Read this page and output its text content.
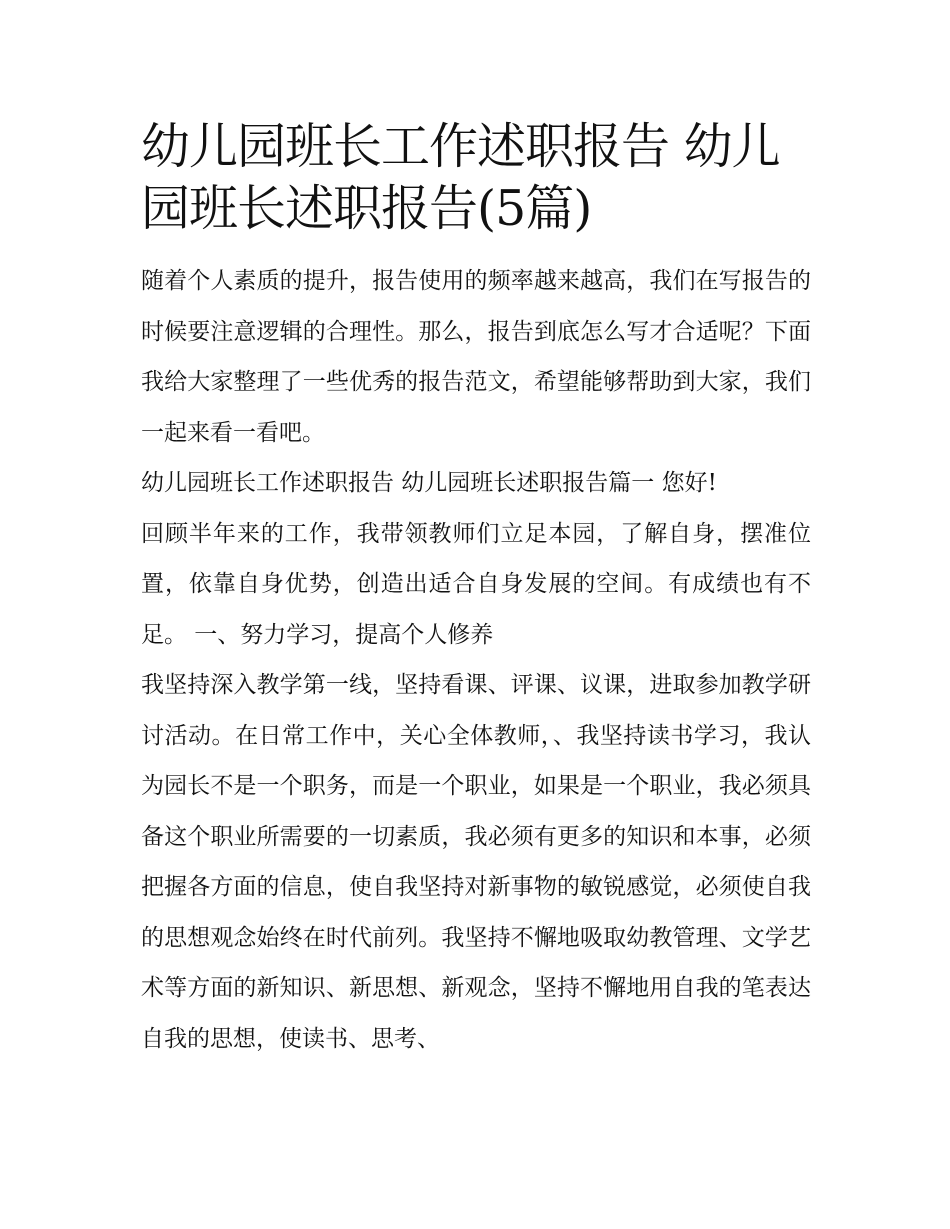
幼儿园班长工作述职报告 幼儿园班长述职报告(5篇)

随着个人素质的提升，报告使用的频率越来越高，我们在写报告的时候要注意逻辑的合理性。那么，报告到底怎么写才合适呢？下面我给大家整理了一些优秀的报告范文，希望能够帮助到大家，我们一起来看一看吧。

幼儿园班长工作述职报告 幼儿园班长述职报告篇一 您好!

回顾半年来的工作，我带领教师们立足本园，了解自身，摆准位置，依靠自身优势，创造出适合自身发展的空间。有成绩也有不足。 一、努力学习，提高个人修养

我坚持深入教学第一线，坚持看课、评课、议课，进取参加教学研讨活动。在日常工作中，关心全体教师，、我坚持读书学习，我认为园长不是一个职务，而是一个职业，如果是一个职业，我必须具备这个职业所需要的一切素质，我必须有更多的知识和本事，必须把握各方面的信息，使自我坚持对新事物的敏锐感觉，必须使自我的思想观念始终在时代前列。我坚持不懈地吸取幼教管理、文学艺术等方面的新知识、新思想、新观念，坚持不懈地用自我的笔表达自我的思想，使读书、思考、
